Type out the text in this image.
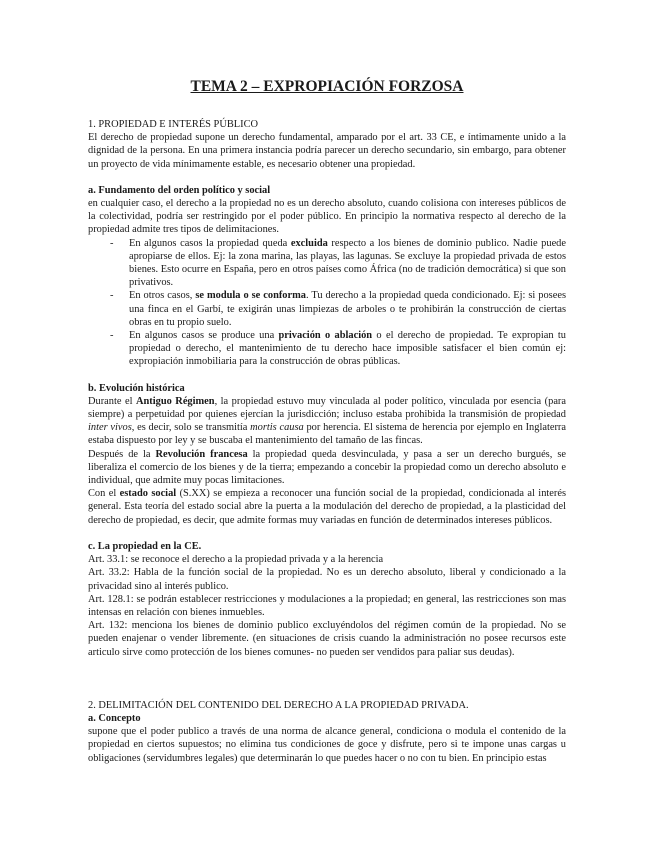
TEMA 2 – EXPROPIACIÓN FORZOSA
1. PROPIEDAD E INTERÉS PÚBLICO

El derecho de propiedad supone un derecho fundamental, amparado por el art. 33 CE, e íntimamente unido a la dignidad de la persona. En una primera instancia podría parecer un derecho secundario, sin embargo, para obtener un proyecto de vida mínimamente estable, es necesario obtener una propiedad.

a. Fundamento del orden político y social

en cualquier caso, el derecho a la propiedad no es un derecho absoluto, cuando colisiona con intereses públicos de la colectividad, podría ser restringido por el poder público. En principio la normativa respecto al derecho de la propiedad admite tres tipos de delimitaciones.

- En algunos casos la propiedad queda excluida respecto a los bienes de dominio publico. Nadie puede apropiarse de ellos. Ej: la zona marina, las playas, las lagunas. Se excluye la propiedad privada de estos bienes. Esto ocurre en España, pero en otros países como África (no de tradición democrática) si que son privativos.
- En otros casos, se modula o se conforma. Tu derecho a la propiedad queda condicionado. Ej: si posees una finca en el Garbí, te exigirán unas limpiezas de arboles o te prohibirán la construcción de ciertas obras en tu propio suelo.
- En algunos casos se produce una privación o ablación o el derecho de propiedad. Te expropian tu propiedad o derecho, el mantenimiento de tu derecho hace imposible satisfacer el bien común ej: expropiación inmobiliaria para la construcción de obras públicas.
b. Evolución histórica

Durante el Antiguo Régimen, la propiedad estuvo muy vinculada al poder político, vinculada por esencia (para siempre) a perpetuidad por quienes ejercían la jurisdicción; incluso estaba prohibida la transmisión de propiedad inter vivos, es decir, solo se transmitía mortis causa por herencia. El sistema de herencia por ejemplo en Inglaterra estaba dispuesto por ley y se buscaba el mantenimiento del tamaño de las fincas.

Después de la Revolución francesa la propiedad queda desvinculada, y pasa a ser un derecho burgués, se liberaliza el comercio de los bienes y de la tierra; empezando a concebir la propiedad como un derecho absoluto e individual, que admite muy pocas limitaciones.

Con el estado social (S.XX) se empieza a reconocer una función social de la propiedad, condicionada al interés general. Esta teoría del estado social abre la puerta a la modulación del derecho de propiedad, a la plasticidad del derecho de propiedad, es decir, que admite formas muy variadas en función de determinados intereses públicos.

c. La propiedad en la CE.

Art. 33.1: se reconoce el derecho a la propiedad privada y a la herencia

Art. 33.2: Habla de la función social de la propiedad. No es un derecho absoluto, liberal y condicionado a la privacidad sino al interés publico.

Art. 128.1: se podrán establecer restricciones y modulaciones a la propiedad; en general, las restricciones son mas intensas en relación con bienes inmuebles.

Art. 132: menciona los bienes de dominio publico excluyéndolos del régimen común de la propiedad. No se pueden enajenar o vender libremente. (en situaciones de crisis cuando la administración no posee recursos este articulo sirve como protección de los bienes comunes- no pueden ser vendidos para paliar sus deudas).

2. DELIMITACIÓN DEL CONTENIDO DEL DERECHO A LA PROPIEDAD PRIVADA.
a. Concepto

supone que el poder publico a través de una norma de alcance general, condiciona o modula el contenido de la propiedad en ciertos supuestos; no elimina tus condiciones de goce y disfrute, pero si te impone unas cargas u obligaciones (servidumbres legales) que determinarán lo que puedes hacer o no con tu bien. En principio estas
